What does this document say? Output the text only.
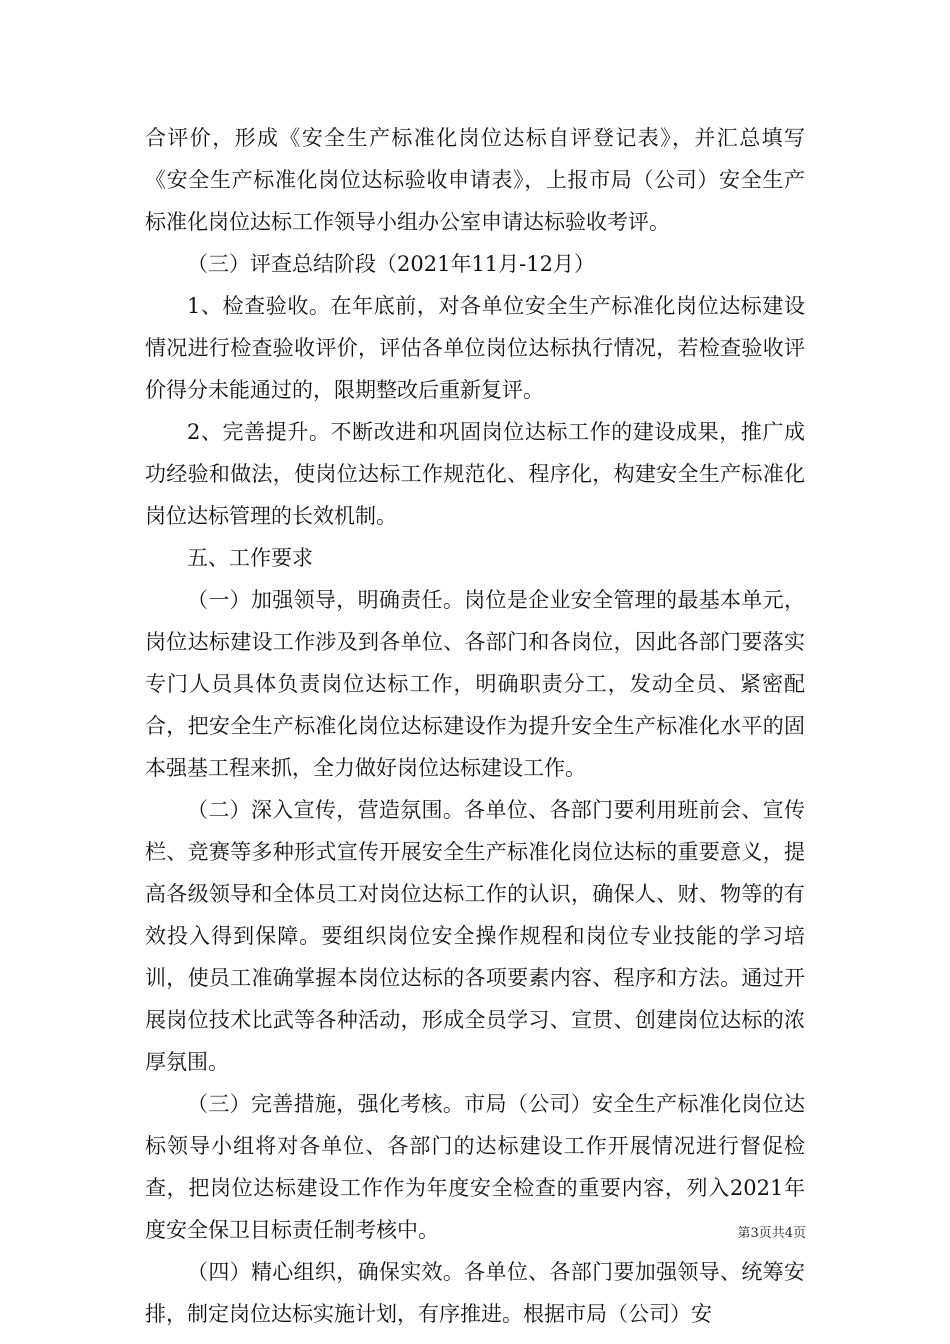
合评价，形成《安全生产标准化岗位达标自评登记表》，并汇总填写《安全生产标准化岗位达标验收申请表》，上报市局（公司）安全生产标准化岗位达标工作领导小组办公室申请达标验收考评。

（三）评查总结阶段（2021年11月-12月）

1、检查验收。在年底前，对各单位安全生产标准化岗位达标建设情况进行检查验收评价，评估各单位岗位达标执行情况，若检查验收评价得分未能通过的，限期整改后重新复评。

2、完善提升。不断改进和巩固岗位达标工作的建设成果，推广成功经验和做法，使岗位达标工作规范化、程序化，构建安全生产标准化岗位达标管理的长效机制。

五、工作要求

（一）加强领导，明确责任。岗位是企业安全管理的最基本单元，岗位达标建设工作涉及到各单位、各部门和各岗位，因此各部门要落实专门人员具体负责岗位达标工作，明确职责分工，发动全员、紧密配合，把安全生产标准化岗位达标建设作为提升安全生产标准化水平的固本强基工程来抓，全力做好岗位达标建设工作。

（二）深入宣传，营造氛围。各单位、各部门要利用班前会、宣传栏、竞赛等多种形式宣传开展安全生产标准化岗位达标的重要意义，提高各级领导和全体员工对岗位达标工作的认识，确保人、财、物等的有效投入得到保障。要组织岗位安全操作规程和岗位专业技能的学习培训，使员工准确掌握本岗位达标的各项要素内容、程序和方法。通过开展岗位技术比武等各种活动，形成全员学习、宣贯、创建岗位达标的浓厚氛围。

（三）完善措施，强化考核。市局（公司）安全生产标准化岗位达标领导小组将对各单位、各部门的达标建设工作开展情况进行督促检查，把岗位达标建设工作作为年度安全检查的重要内容，列入2021年度安全保卫目标责任制考核中。

（四）精心组织，确保实效。各单位、各部门要加强领导、统筹安排，制定岗位达标实施计划，有序推进。根据市局（公司）安

第3页共4页
